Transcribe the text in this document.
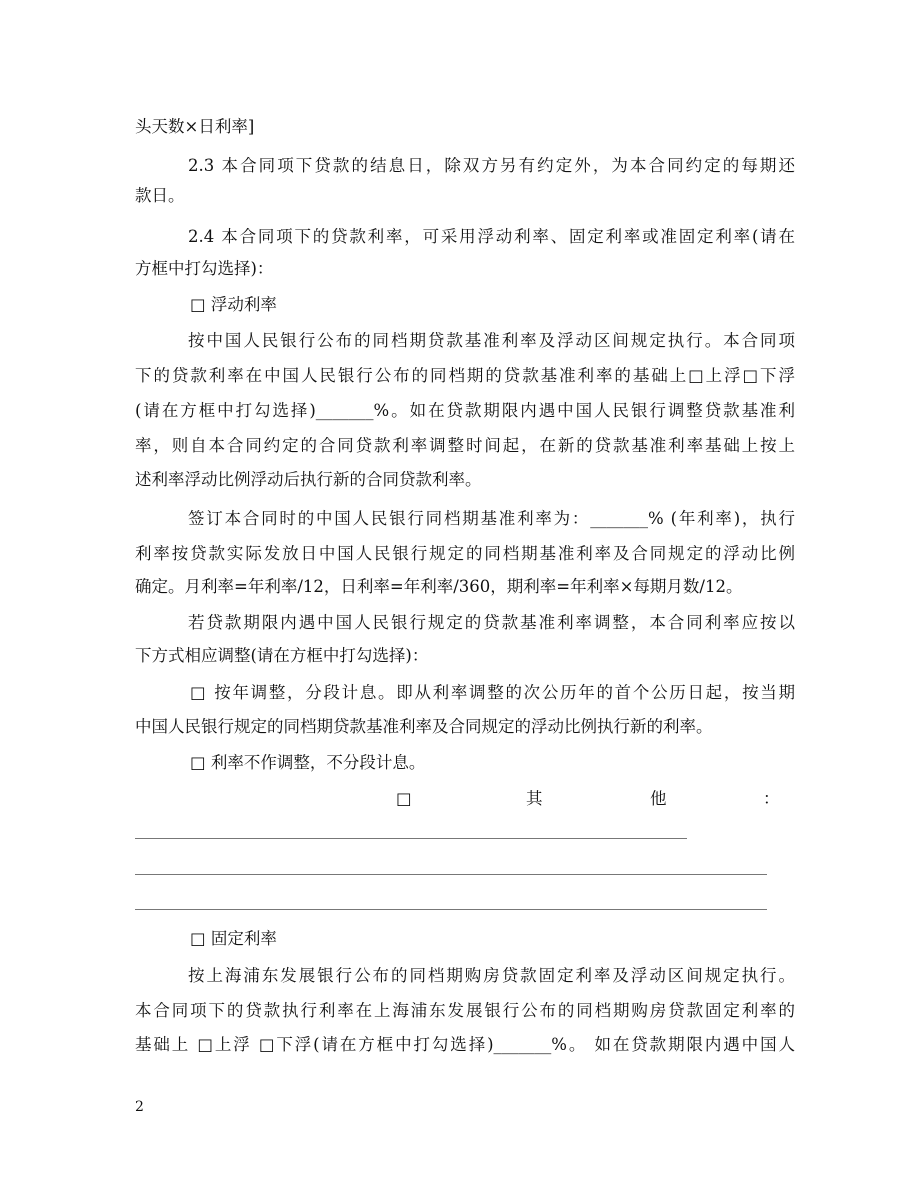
头天数×日利率]
2.3 本合同项下贷款的结息日，除双方另有约定外，为本合同约定的每期还
款日。
2.4 本合同项下的贷款利率，可采用浮动利率、固定利率或准固定利率(请在
方框中打勾选择)：
□ 浮动利率
按中国人民银行公布的同档期贷款基准利率及浮动区间规定执行。本合同项
下的贷款利率在中国人民银行公布的同档期的贷款基准利率的基础上□上浮□下浮
(请在方框中打勾选择)_______%。如在贷款期限内遇中国人民银行调整贷款基准利
率，则自本合同约定的合同贷款利率调整时间起，在新的贷款基准利率基础上按上
述利率浮动比例浮动后执行新的合同贷款利率。
签订本合同时的中国人民银行同档期基准利率为：_______% (年利率)，执行
利率按贷款实际发放日中国人民银行规定的同档期基准利率及合同规定的浮动比例
确定。月利率=年利率/12，日利率=年利率/360，期利率=年利率×每期月数/12。
若贷款期限内遇中国人民银行规定的贷款基准利率调整，本合同利率应按以
下方式相应调整(请在方框中打勾选择)：
□ 按年调整，分段计息。即从利率调整的次公历年的首个公历日起，按当期
中国人民银行规定的同档期贷款基准利率及合同规定的浮动比例执行新的利率。
□ 利率不作调整，不分段计息。
□	其	他	：
□ 固定利率
按上海浦东发展银行公布的同档期购房贷款固定利率及浮动区间规定执行。
本合同项下的贷款执行利率在上海浦东发展银行公布的同档期购房贷款固定利率的
基础上 □上浮 □下浮(请在方框中打勾选择)_______%。 如在贷款期限内遇中国人
2
